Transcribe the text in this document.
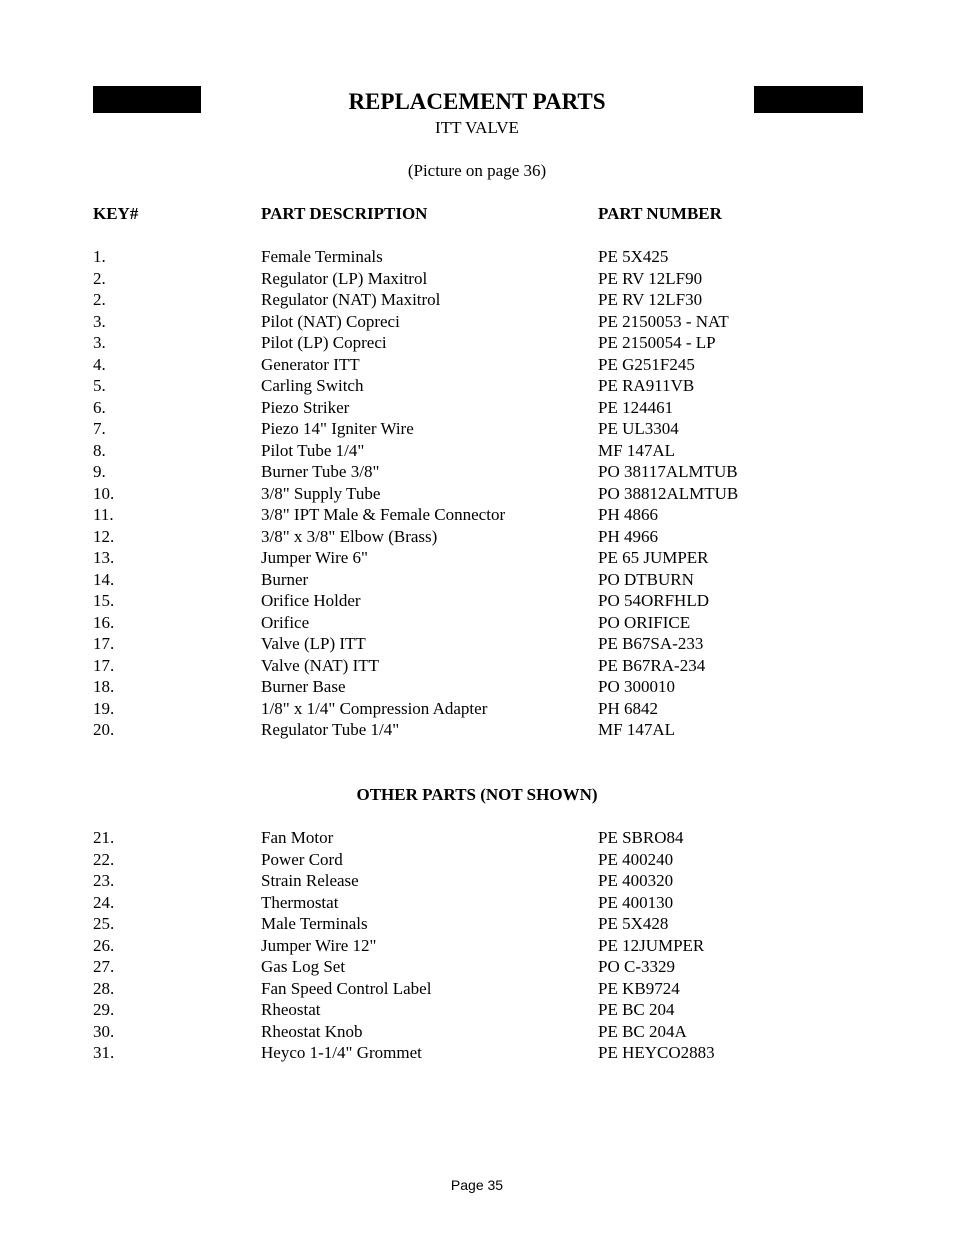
REPLACEMENT PARTS
ITT VALVE
(Picture on page 36)
KEY#	PART DESCRIPTION	PART NUMBER
1.	Female Terminals	PE 5X425
2.	Regulator (LP) Maxitrol	PE RV 12LF90
2.	Regulator (NAT) Maxitrol	PE RV 12LF30
3.	Pilot (NAT) Copreci	PE 2150053 - NAT
3.	Pilot (LP) Copreci	PE 2150054 - LP
4.	Generator ITT	PE G251F245
5.	Carling Switch	PE RA911VB
6.	Piezo Striker	PE 124461
7.	Piezo 14" Igniter Wire	PE UL3304
8.	Pilot Tube 1/4"	MF 147AL
9.	Burner Tube 3/8"	PO 38117ALMTUB
10.	3/8" Supply Tube	PO 38812ALMTUB
11.	3/8" IPT Male & Female Connector	PH 4866
12.	3/8" x 3/8" Elbow (Brass)	PH 4966
13.	Jumper Wire 6"	PE 65 JUMPER
14.	Burner	PO DTBURN
15.	Orifice Holder	PO 54ORFHLD
16.	Orifice	PO ORIFICE
17.	Valve (LP) ITT	PE B67SA-233
17.	Valve (NAT) ITT	PE B67RA-234
18.	Burner Base	PO 300010
19.	1/8" x 1/4" Compression Adapter	PH 6842
20.	Regulator Tube 1/4"	MF 147AL
OTHER PARTS (NOT SHOWN)
21.	Fan Motor	PE SBRO84
22.	Power Cord	PE 400240
23.	Strain Release	PE 400320
24.	Thermostat	PE 400130
25.	Male Terminals	PE 5X428
26.	Jumper Wire 12"	PE 12JUMPER
27.	Gas Log Set	PO C-3329
28.	Fan Speed Control Label	PE KB9724
29.	Rheostat	PE BC 204
30.	Rheostat Knob	PE BC 204A
31.	Heyco 1-1/4" Grommet	PE HEYCO2883
Page 35
